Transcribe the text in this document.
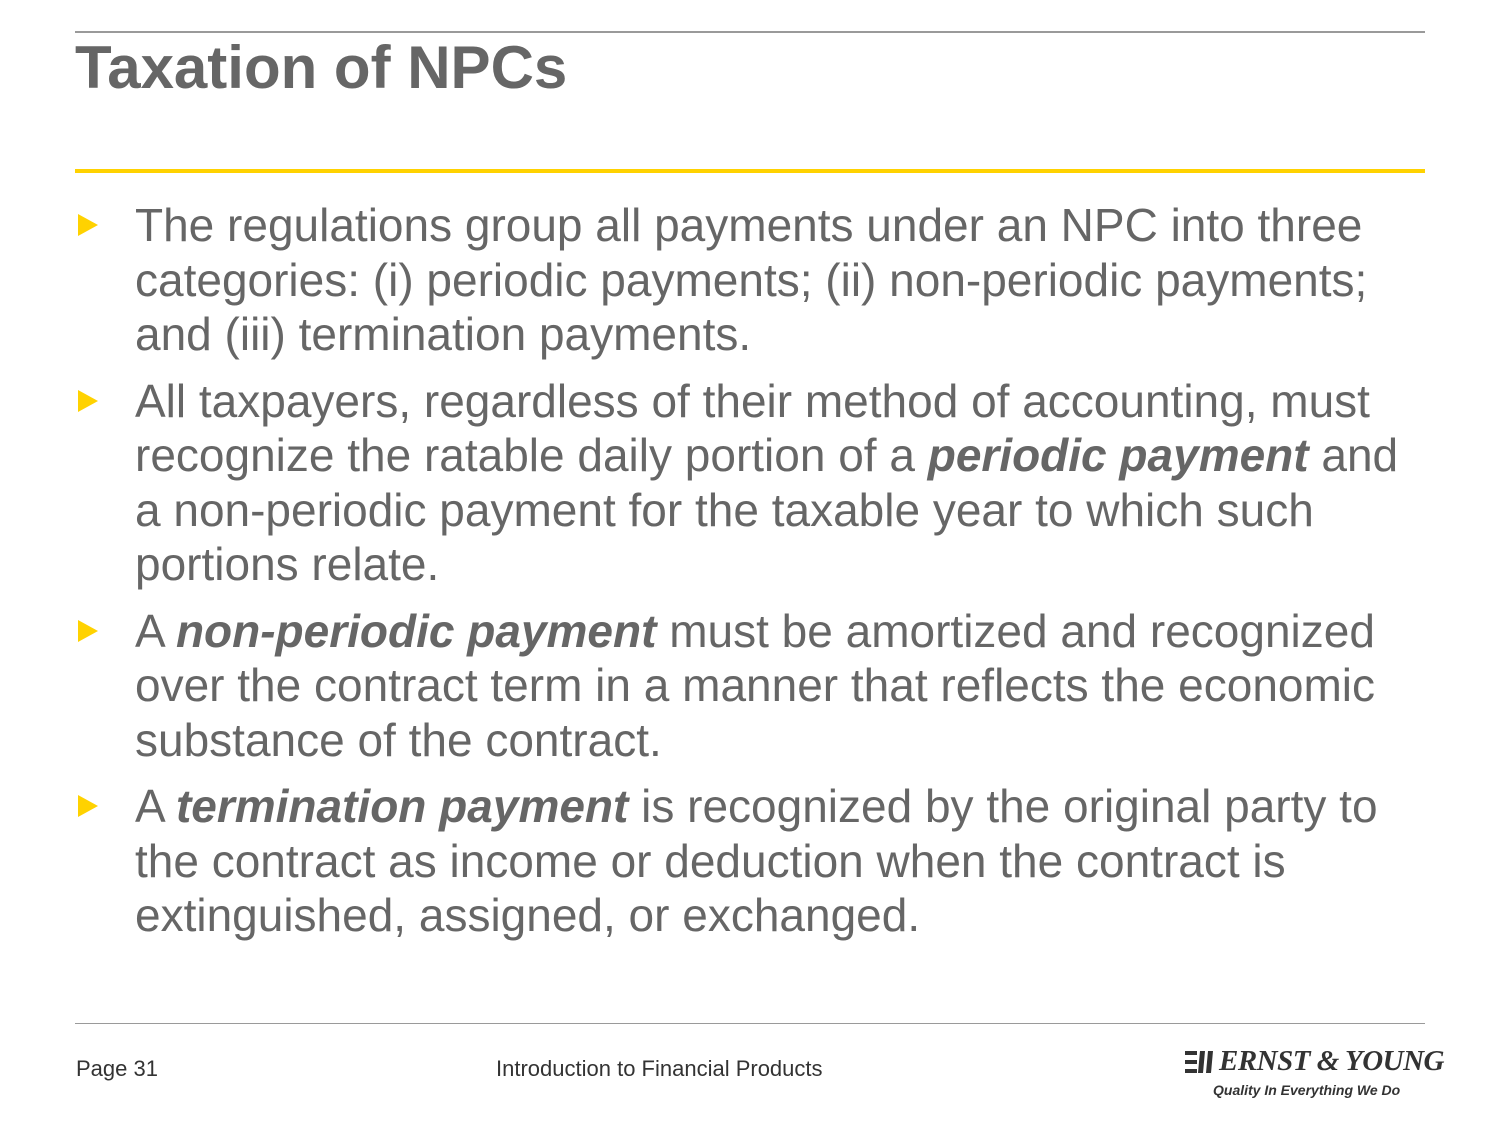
Taxation of NPCs
The regulations group all payments under an NPC into three categories: (i) periodic payments; (ii) non-periodic payments; and (iii) termination payments.
All taxpayers, regardless of their method of accounting, must recognize the ratable daily portion of a periodic payment and a non-periodic payment for the taxable year to which such portions relate.
A non-periodic payment must be amortized and recognized over the contract term in a manner that reflects the economic substance of the contract.
A termination payment is recognized by the original party to the contract as income or deduction when the contract is extinguished, assigned, or exchanged.
Page 31	Introduction to Financial Products	ERNST & YOUNG
Quality In Everything We Do
